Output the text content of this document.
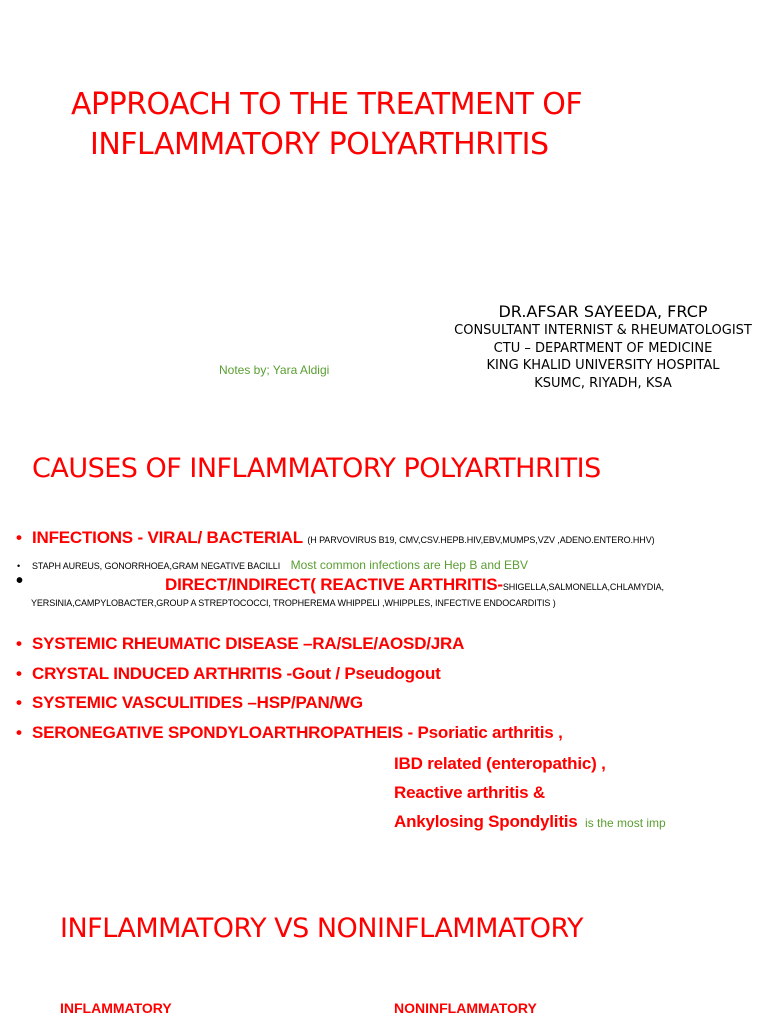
APPROACH TO THE TREATMENT OF
INFLAMMATORY POLYARTHRITIS
Notes by; Yara Aldigi
DR.AFSAR SAYEEDA, FRCP
CONSULTANT INTERNIST & RHEUMATOLOGIST
CTU – DEPARTMENT OF MEDICINE
KING KHALID UNIVERSITY HOSPITAL
KSUMC, RIYADH, KSA
CAUSES OF INFLAMMATORY POLYARTHRITIS
• INFECTIONS - VIRAL/ BACTERIAL (H PARVOVIRUS B19, CMV,CSV.HEPB.HIV,EBV,MUMPS,VZV ,ADENO.ENTERO.HHV)
• STAPH AUREUS, GONORRHOEA,GRAM NEGATIVE BACILLI Most common infections are Hep B and EBV
•	DIRECT/INDIRECT( REACTIVE ARTHRITIS-SHIGELLA,SALMONELLA,CHLAMYDIA,
YERSINIA,CAMPYLOBACTER,GROUP A STREPTOCOCCI, TROPHEREMA WHIPPELI ,WHIPPLES, INFECTIVE ENDOCARDITIS )
• SYSTEMIC RHEUMATIC DISEASE –RA/SLE/AOSD/JRA
• CRYSTAL INDUCED ARTHRITIS -Gout / Pseudogout
• SYSTEMIC VASCULITIDES –HSP/PAN/WG
• SERONEGATIVE SPONDYLOARTHROPATHEIS - Psoriatic arthritis ,
IBD related (enteropathic) ,
Reactive arthritis &
Ankylosing Spondylitis is the most imp
INFLAMMATORY VS NONINFLAMMATORY
INFLAMMATORY	NONINFLAMMATORY
